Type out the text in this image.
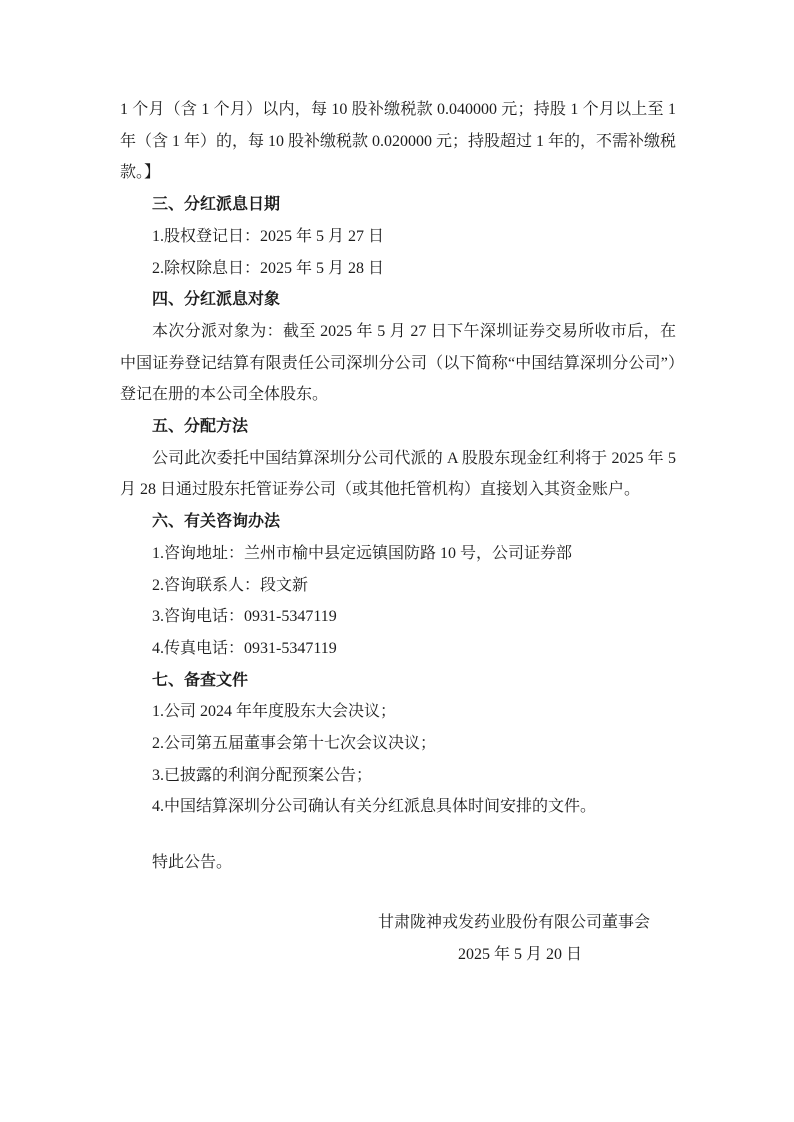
1 个月（含 1 个月）以内，每 10 股补缴税款 0.040000 元；持股 1 个月以上至 1 年（含 1 年）的，每 10 股补缴税款 0.020000 元；持股超过 1 年的，不需补缴税款。】

三、分红派息日期

1.股权登记日：2025 年 5 月 27 日

2.除权除息日：2025 年 5 月 28 日

四、分红派息对象

本次分派对象为：截至 2025 年 5 月 27 日下午深圳证券交易所收市后，在中国证券登记结算有限责任公司深圳分公司（以下简称“中国结算深圳分公司”）登记在册的本公司全体股东。

五、分配方法

公司此次委托中国结算深圳分公司代派的 A 股股东现金红利将于 2025 年 5 月 28 日通过股东托管证券公司（或其他托管机构）直接划入其资金账户。

六、有关咨询办法

1.咨询地址：兰州市榆中县定远镇国防路 10 号，公司证券部

2.咨询联系人：段文新

3.咨询电话：0931-5347119

4.传真电话：0931-5347119

七、备查文件

1.公司 2024 年年度股东大会决议；

2.公司第五届董事会第十七次会议决议；

3.已披露的利润分配预案公告；

4.中国结算深圳分公司确认有关分红派息具体时间安排的文件。

特此公告。

甘肃陇神戎发药业股份有限公司董事会

2025 年 5 月 20 日
